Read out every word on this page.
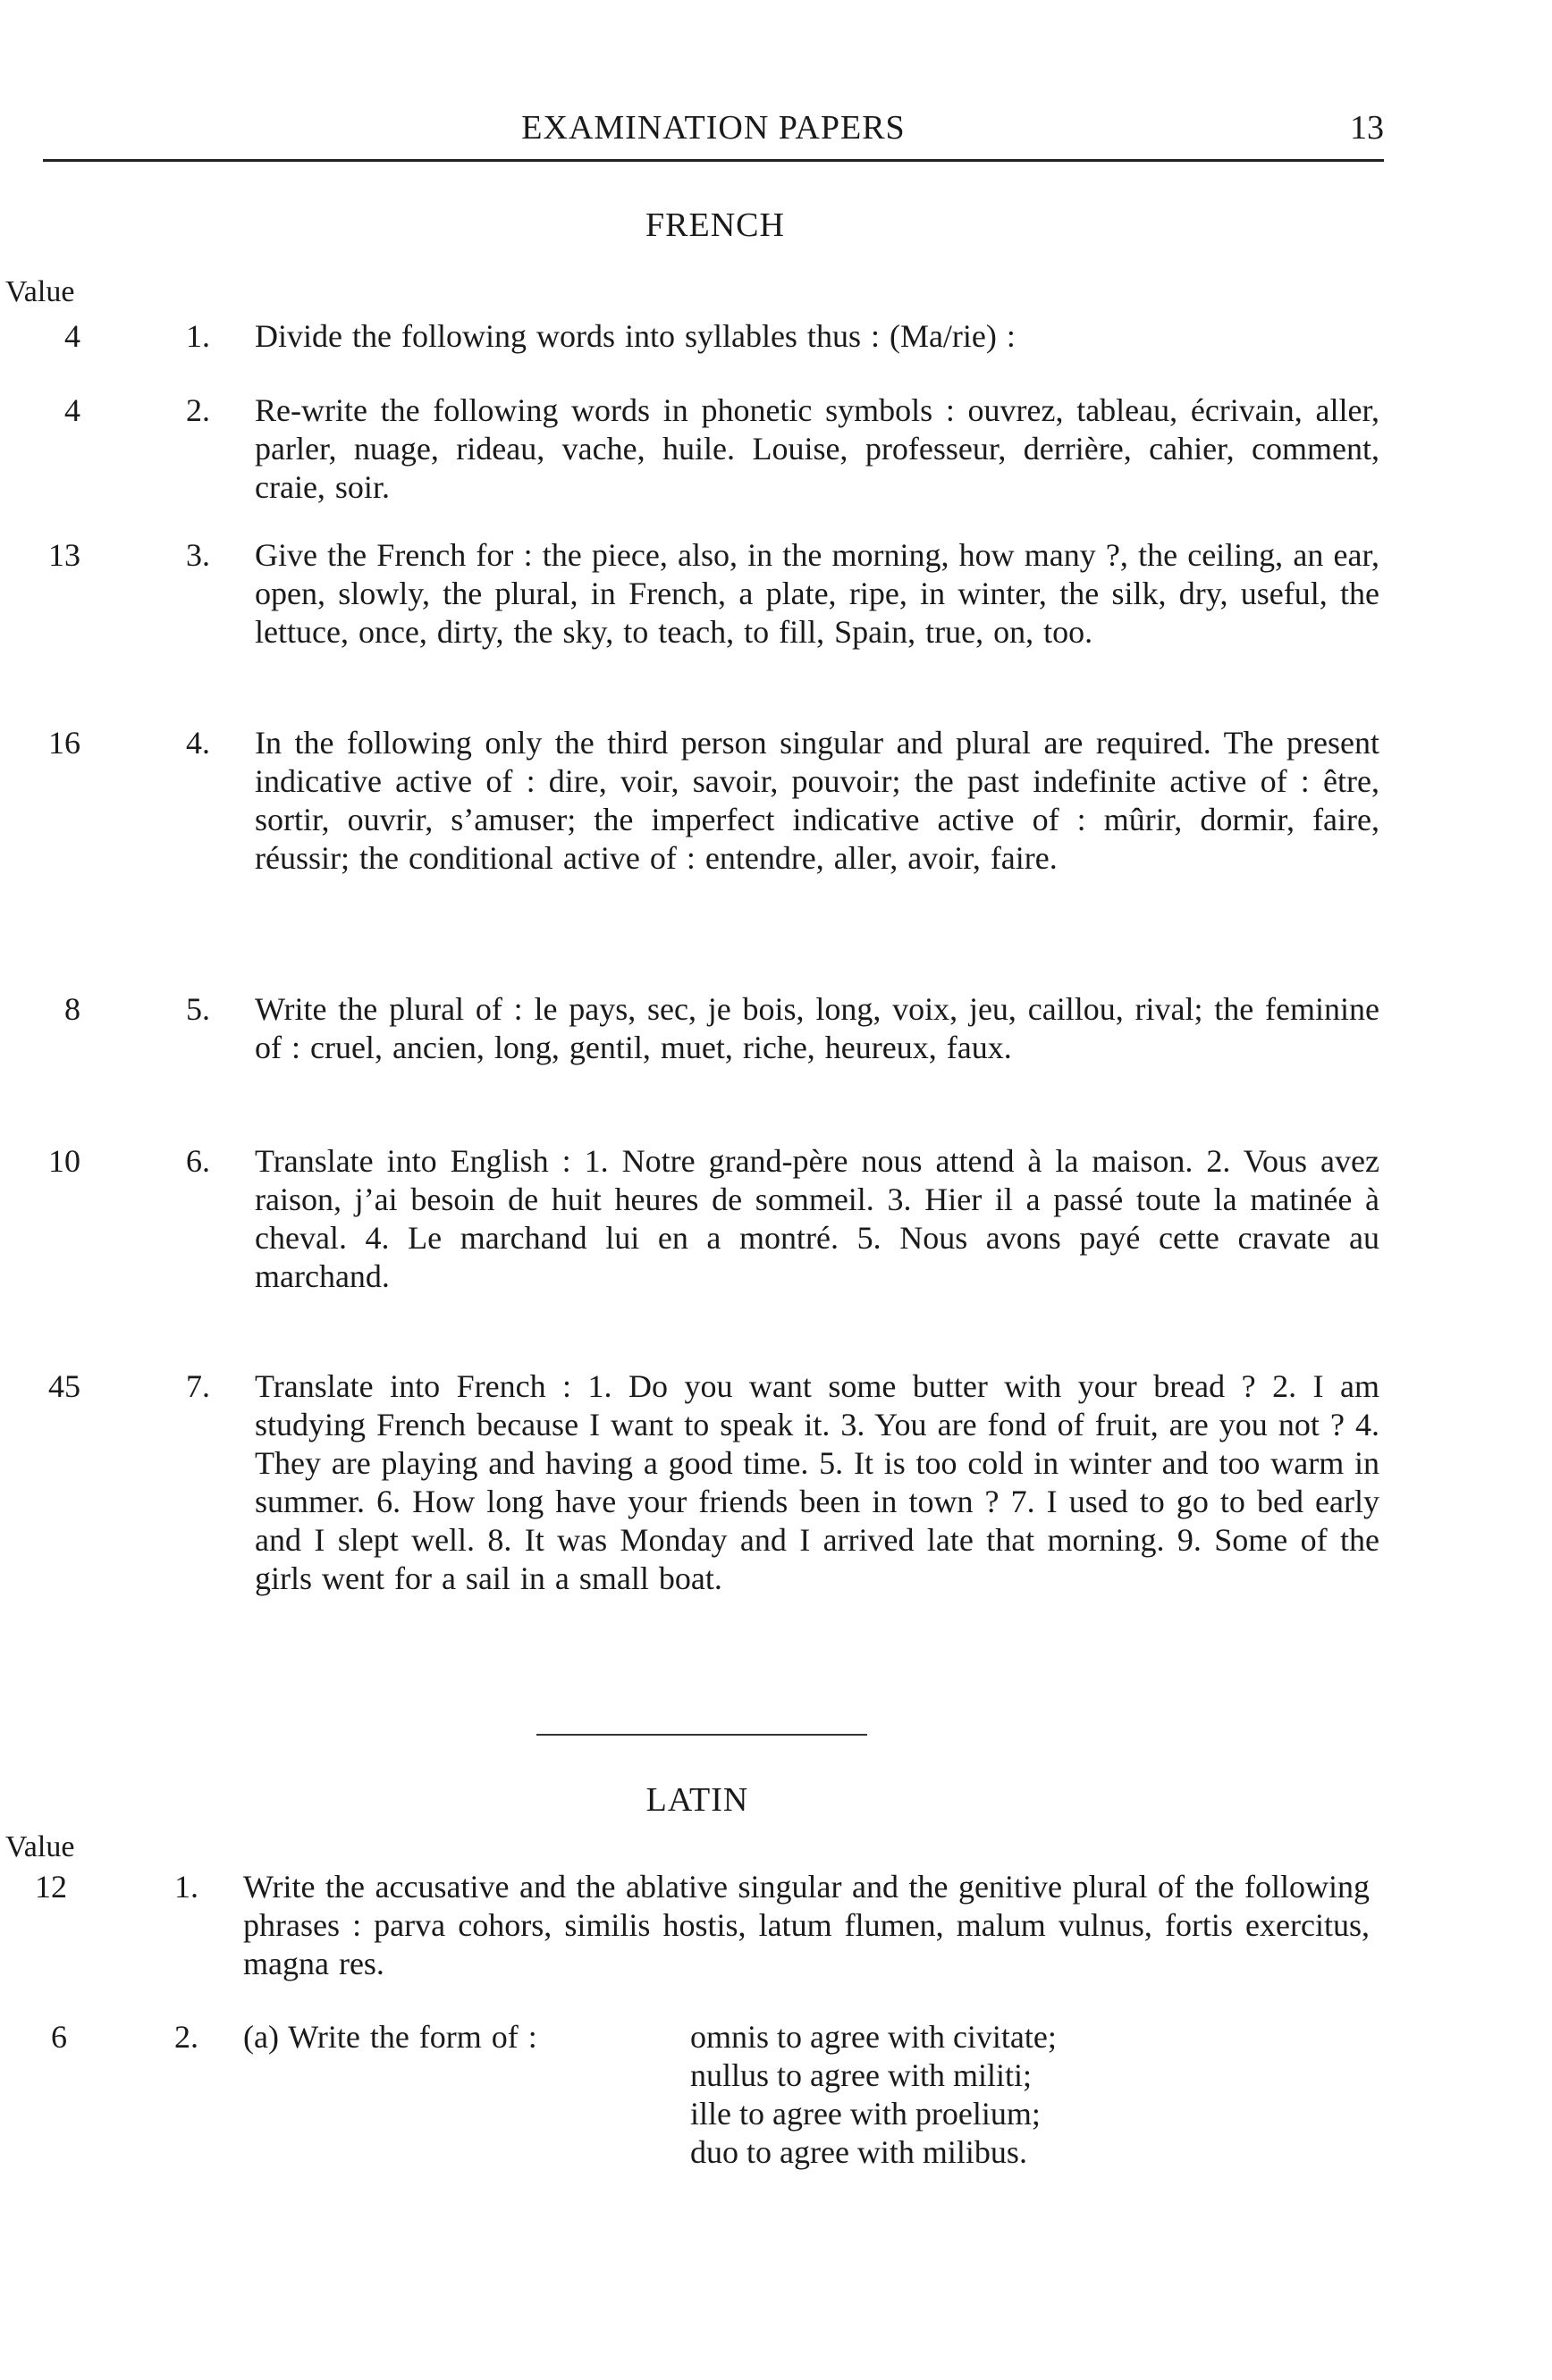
EXAMINATION PAPERS	13
FRENCH
Value
4	1. Divide the following words into syllables thus : (Ma/rie) :
4	2. Re-write the following words in phonetic symbols : ouvrez, tableau, écrivain, aller, parler, nuage, rideau, vache, huile. Louise, professeur, derrière, cahier, comment, craie, soir.
13	3. Give the French for : the piece, also, in the morning, how many ?, the ceiling, an ear, open, slowly, the plural, in French, a plate, ripe, in winter, the silk, dry, useful, the lettuce, once, dirty, the sky, to teach, to fill, Spain, true, on, too.
16	4. In the following only the third person singular and plural are required. The present indicative active of : dire, voir, savoir, pouvoir; the past indefinite active of : être, sortir, ouvrir, s’amuser; the imperfect indicative active of : mûrir, dormir, faire, réussir; the conditional active of : entendre, aller, avoir, faire.
8	5. Write the plural of : le pays, sec, je bois, long, voix, jeu, caillou, rival; the feminine of : cruel, ancien, long, gentil, muet, riche, heureux, faux.
10	6. Translate into English : 1. Notre grand-père nous attend à la maison. 2. Vous avez raison, j’ai besoin de huit heures de sommeil. 3. Hier il a passé toute la matinée à cheval. 4. Le marchand lui en a montré. 5. Nous avons payé cette cravate au marchand.
45	7. Translate into French : 1. Do you want some butter with your bread ? 2. I am studying French because I want to speak it. 3. You are fond of fruit, are you not ? 4. They are playing and having a good time. 5. It is too cold in winter and too warm in summer. 6. How long have your friends been in town ? 7. I used to go to bed early and I slept well. 8. It was Monday and I arrived late that morning. 9. Some of the girls went for a sail in a small boat.
LATIN
Value
12	1. Write the accusative and the ablative singular and the genitive plural of the following phrases : parva cohors, similis hostis, latum flumen, malum vulnus, fortis exercitus, magna res.
6	2. (a) Write the form of :	omnis to agree with civitate;
nullus to agree with militi;
ille to agree with proelium;
duo to agree with milibus.
